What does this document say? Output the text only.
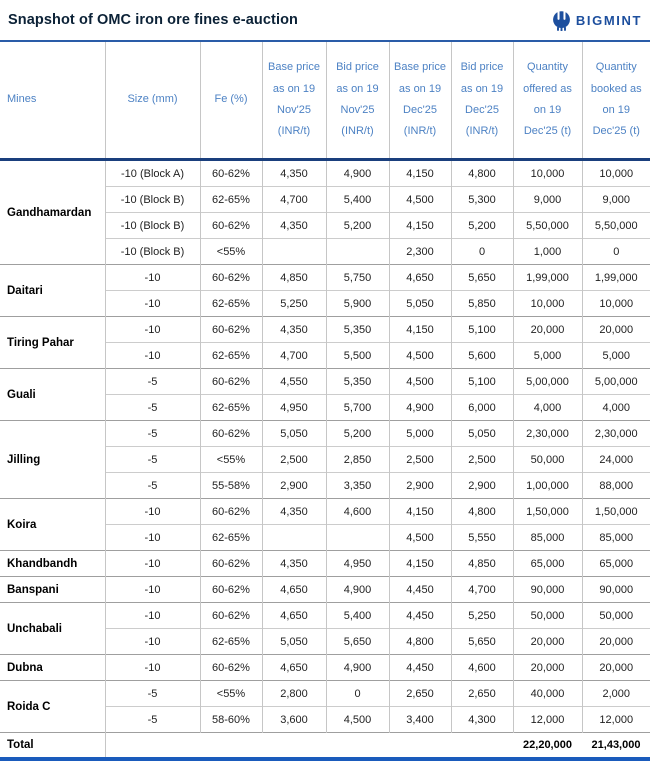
Snapshot of OMC iron ore fines e-auction	BIGMINT
Mines	Size (mm)	Fe (%)	Base price as on 19 Nov'25 (INR/t)	Bid price as on 19 Nov'25 (INR/t)	Base price as on 19 Dec'25 (INR/t)	Bid price as on 19 Dec'25 (INR/t)	Quantity offered as on 19 Dec'25 (t)	Quantity booked as on 19 Dec'25 (t)
Gandhamardan	-10 (Block A)	60-62%	4,350	4,900	4,150	4,800	10,000	10,000
	-10 (Block B)	62-65%	4,700	5,400	4,500	5,300	9,000	9,000
	-10 (Block B)	60-62%	4,350	5,200	4,150	5,200	5,50,000	5,50,000
	-10 (Block B)	<55%			2,300	0	1,000	0
Daitari	-10	60-62%	4,850	5,750	4,650	5,650	1,99,000	1,99,000
	-10	62-65%	5,250	5,900	5,050	5,850	10,000	10,000
Tiring Pahar	-10	60-62%	4,350	5,350	4,150	5,100	20,000	20,000
	-10	62-65%	4,700	5,500	4,500	5,600	5,000	5,000
Guali	-5	60-62%	4,550	5,350	4,500	5,100	5,00,000	5,00,000
	-5	62-65%	4,950	5,700	4,900	6,000	4,000	4,000
Jilling	-5	60-62%	5,050	5,200	5,000	5,050	2,30,000	2,30,000
	-5	<55%	2,500	2,850	2,500	2,500	50,000	24,000
	-5	55-58%	2,900	3,350	2,900	2,900	1,00,000	88,000
Koira	-10	60-62%	4,350	4,600	4,150	4,800	1,50,000	1,50,000
	-10	62-65%			4,500	5,550	85,000	85,000
Khandbandh	-10	60-62%	4,350	4,950	4,150	4,850	65,000	65,000
Banspani	-10	60-62%	4,650	4,900	4,450	4,700	90,000	90,000
Unchabali	-10	60-62%	4,650	5,400	4,450	5,250	50,000	50,000
	-10	62-65%	5,050	5,650	4,800	5,650	20,000	20,000
Dubna	-10	60-62%	4,650	4,900	4,450	4,600	20,000	20,000
Roida C	-5	<55%	2,800	0	2,650	2,650	40,000	2,000
	-5	58-60%	3,600	4,500	3,400	4,300	12,000	12,000
Total							22,20,000	21,43,000
